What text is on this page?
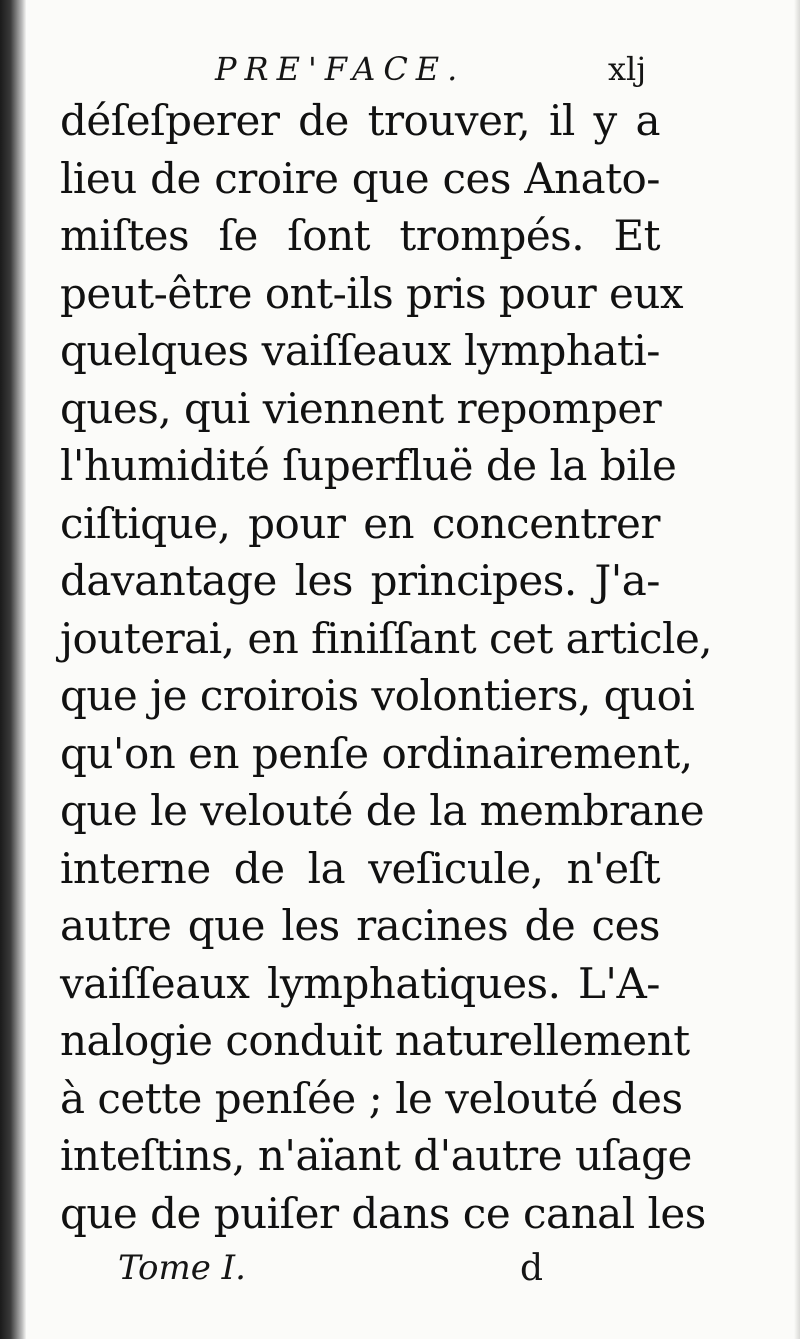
PRE'FACE.	xlj
déſeſperer de trouver, il y a
lieu de croire que ces Anato-
miſtes ſe ſont trompés. Et
peut-être ont-ils pris pour eux
quelques vaiſſeaux lymphati-
ques, qui viennent repomper
l'humidité ſuperfluë de la bile
ciſtique, pour en concentrer
davantage les principes. J'a-
jouterai, en finiſſant cet article,
que je croirois volontiers, quoi
qu'on en penſe ordinairement,
que le velouté de la membrane
interne de la veſicule, n'eſt
autre que les racines de ces
vaiſſeaux lymphatiques. L'A-
nalogie conduit naturellement
à cette penſée ; le velouté des
inteſtins, n'aïant d'autre uſage
que de puiſer dans ce canal les
Tome I.	d
